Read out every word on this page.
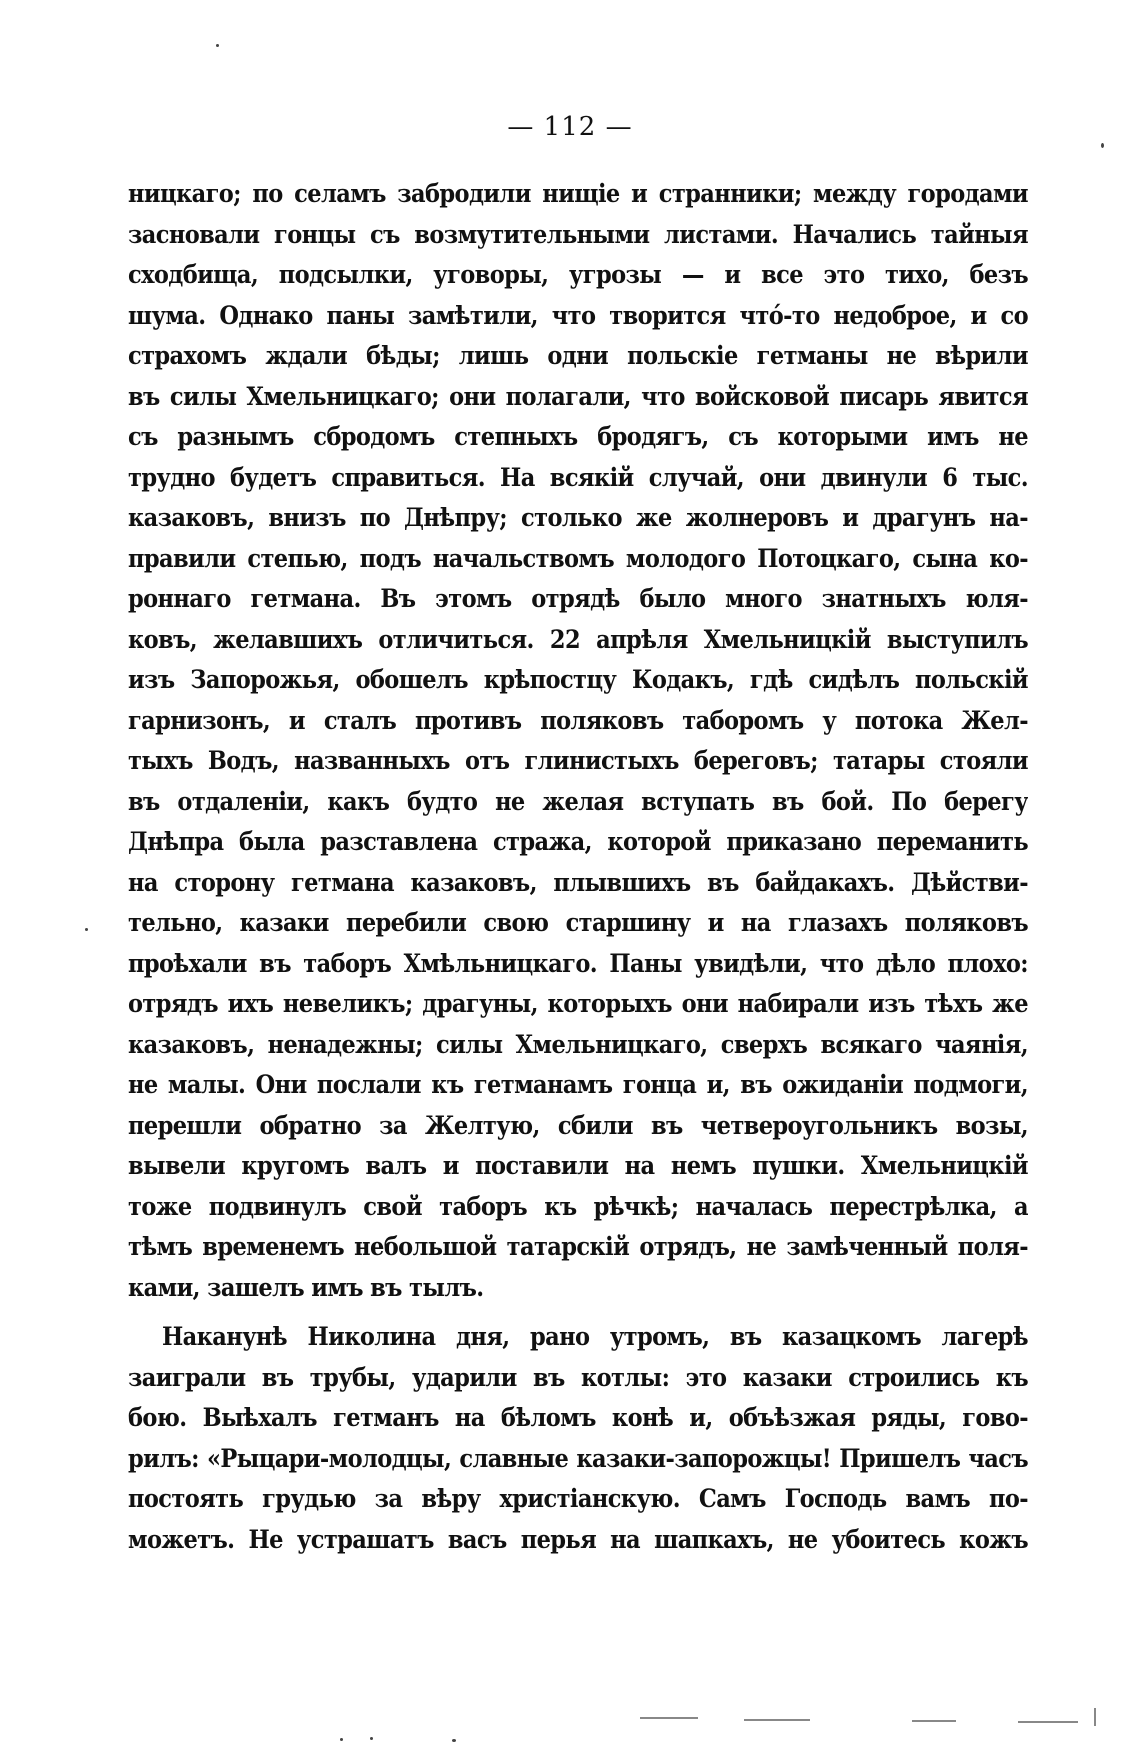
— 112 —
ницкаго; по селамъ забродили нищіе и странники; между городами
засновали гонцы съ возмутительными листами. Начались тайныя
сходбища, подсылки, уговоры, угрозы — и все это тихо, безъ
шума. Однако паны замѣтили, что творится чтó-то недоброе, и со
страхомъ ждали бѣды; лишь одни польскіе гетманы не вѣрили
въ силы Хмельницкаго; они полагали, что войсковой писарь явится
съ разнымъ сбродомъ степныхъ бродягъ, съ которыми имъ не
трудно будетъ справиться. На всякій случай, они двинули 6 тыс.
казаковъ, внизъ по Днѣпру; столько же жолнеровъ и драгунъ на-
правили степью, подъ начальствомъ молодого Потоцкаго, сына ко-
роннаго гетмана. Въ этомъ отрядѣ было много знатныхъ юля-
ковъ, желавшихъ отличиться. 22 апрѣля Хмельницкій выступилъ
изъ Запорожья, обошелъ крѣпостцу Кодакъ, гдѣ сидѣлъ польскій
гарнизонъ, и сталъ противъ поляковъ таборомъ у потока Жел-
тыхъ Водъ, названныхъ отъ глинистыхъ береговъ; татары стояли
въ отдаленіи, какъ будто не желая вступать въ бой. По берегу
Днѣпра была разставлена стража, которой приказано переманить
на сторону гетмана казаковъ, плывшихъ въ байдакахъ. Дѣйстви-
тельно, казаки перебили свою старшину и на глазахъ поляковъ
проѣхали въ таборъ Хмѣльницкаго. Паны увидѣли, что дѣло плохо:
отрядъ ихъ невеликъ; драгуны, которыхъ они набирали изъ тѣхъ же
казаковъ, ненадежны; силы Хмельницкаго, сверхъ всякаго чаянія,
не малы. Они послали къ гетманамъ гонца и, въ ожиданіи подмоги,
перешли обратно за Желтую, сбили въ четвероугольникъ возы,
вывели кругомъ валъ и поставили на немъ пушки. Хмельницкій
тоже подвинулъ свой таборъ къ рѣчкѣ; началась перестрѣлка, а
тѣмъ временемъ небольшой татарскій отрядъ, не замѣченный поля-
ками, зашелъ имъ въ тылъ.
Наканунѣ Николина дня, рано утромъ, въ казацкомъ лагерѣ
заиграли въ трубы, ударили въ котлы: это казаки строились къ
бою. Выѣхалъ гетманъ на бѣломъ конѣ и, объѣзжая ряды, гово-
рилъ: «Рыцари-молодцы, славные казаки-запорожцы! Пришелъ часъ
постоять грудью за вѣру христіанскую. Самъ Господь вамъ по-
можетъ. Не устрашатъ васъ перья на шапкахъ, не убоитесь кожъ
